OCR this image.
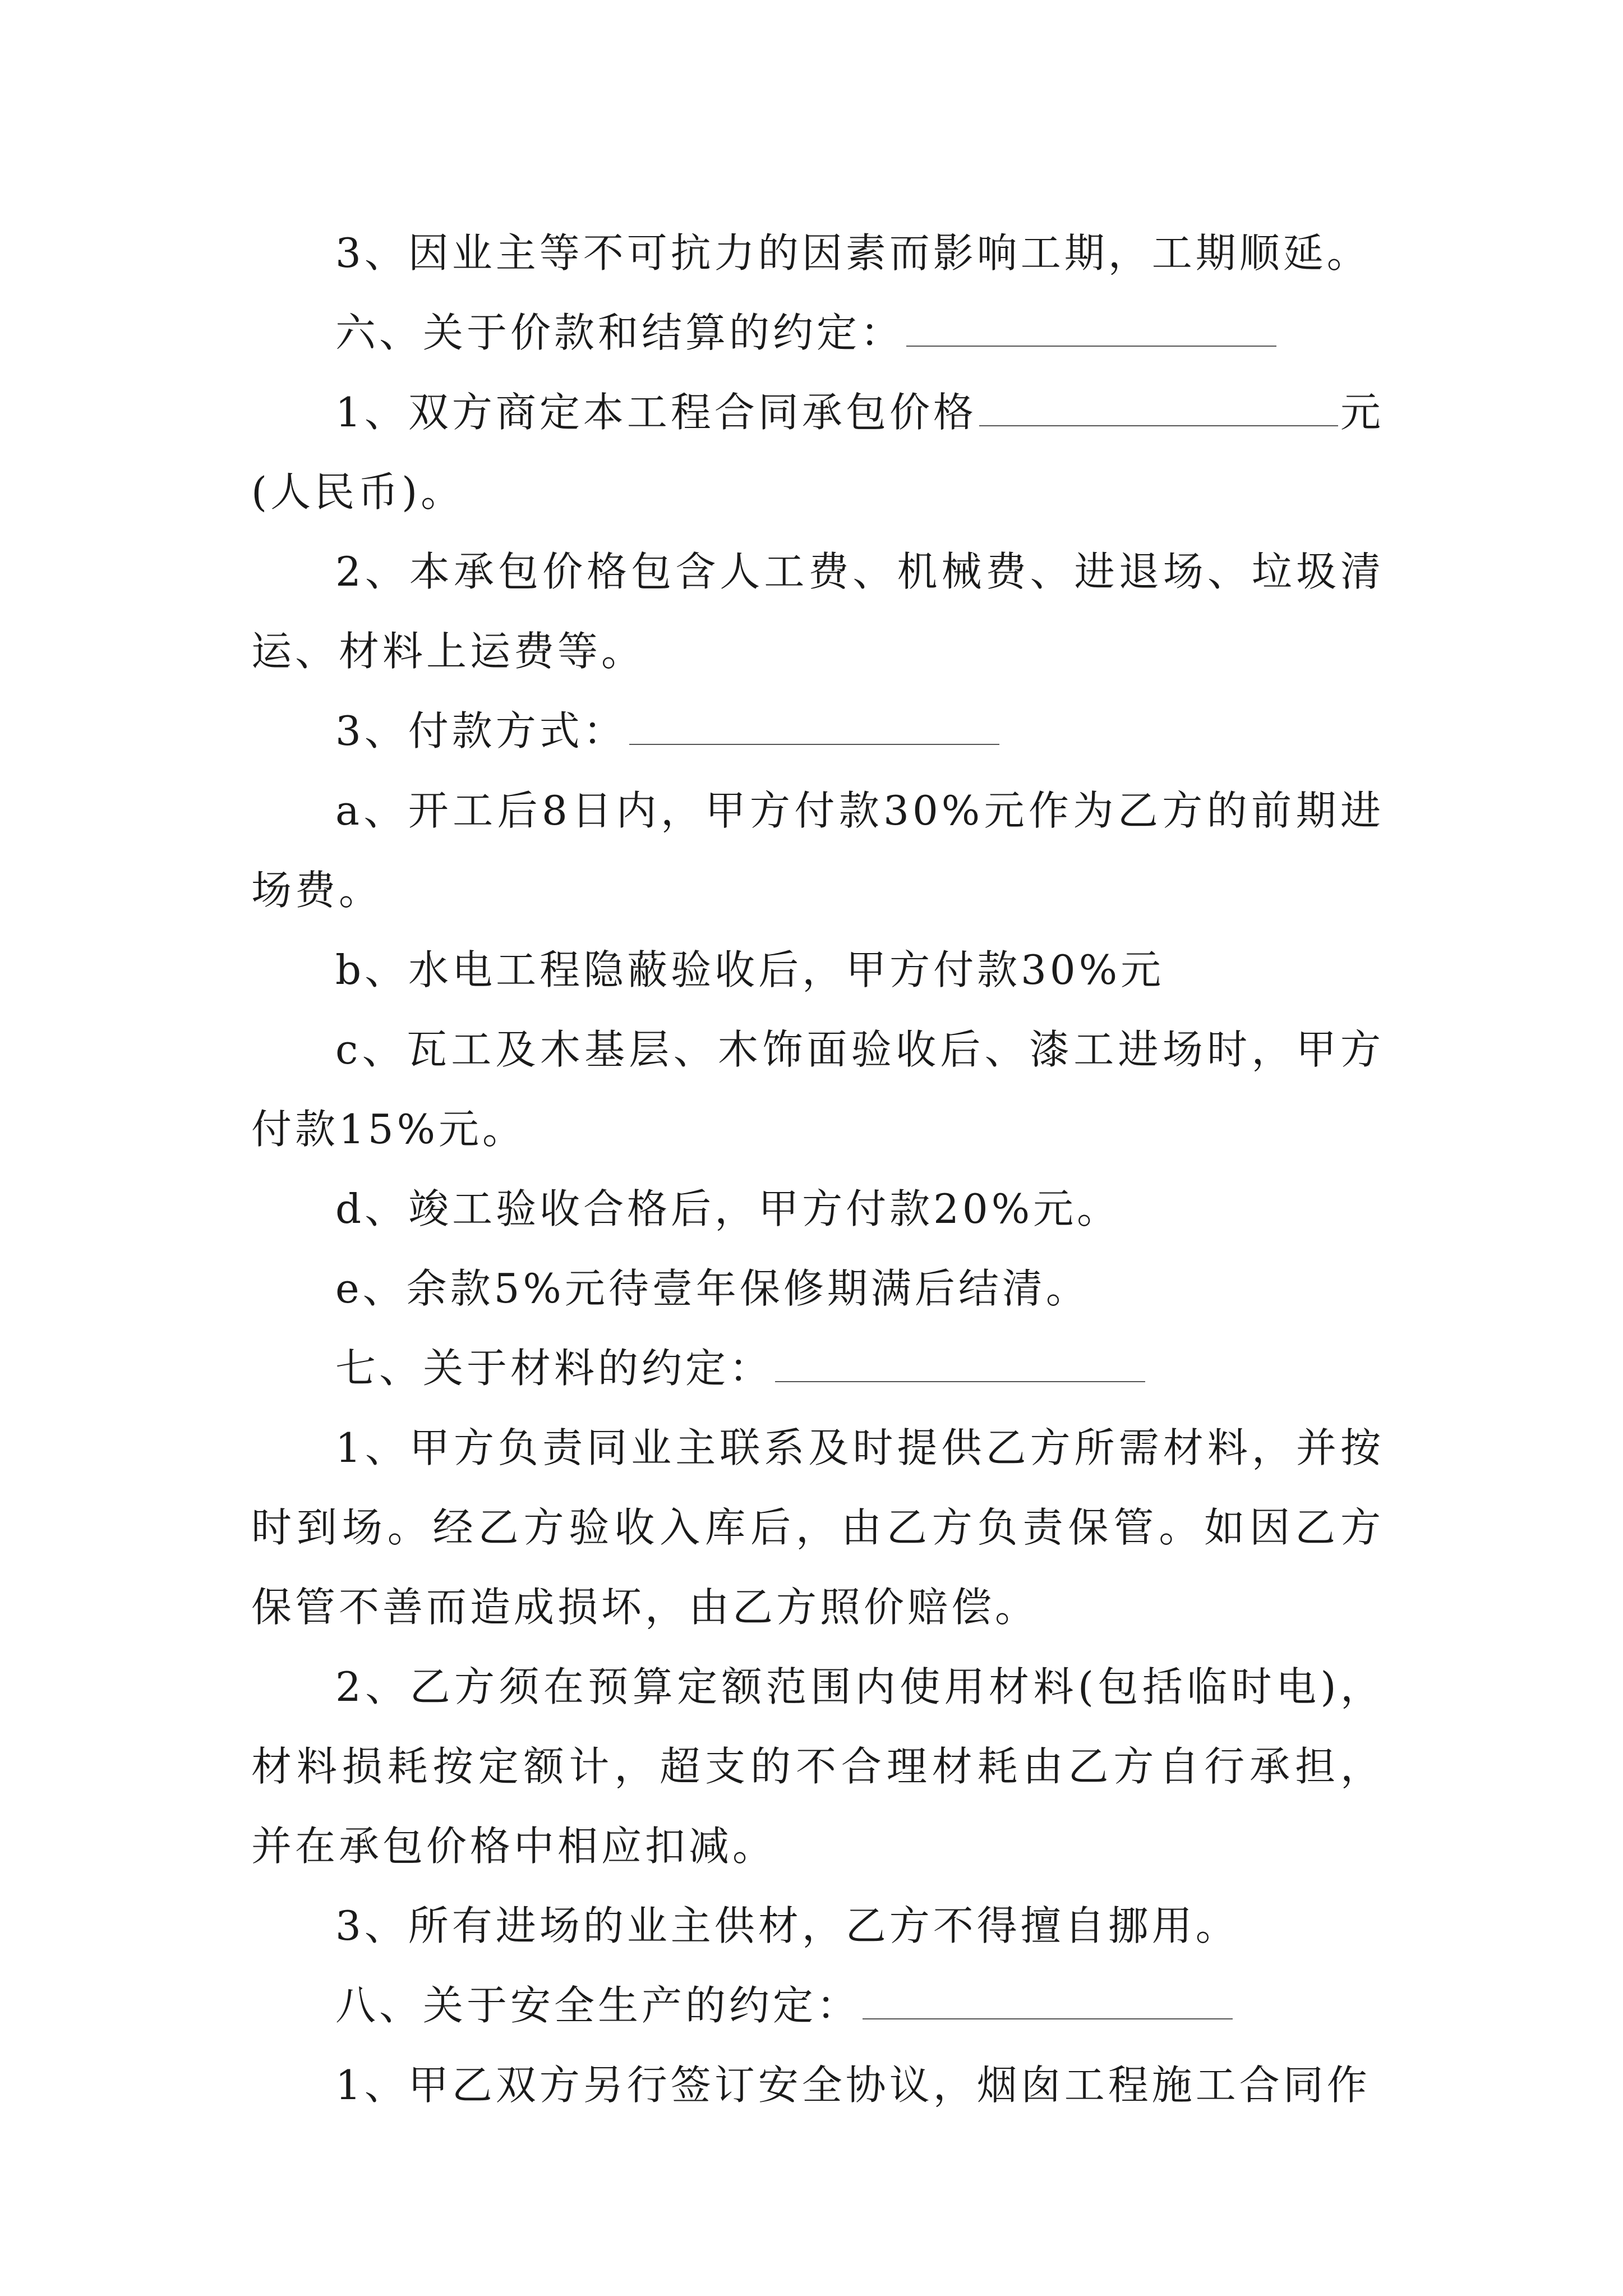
3、因业主等不可抗力的因素而影响工期，工期顺延。

六、关于价款和结算的约定：

1、双方商定本工程合同承包价格	元(人民币)。

2、本承包价格包含人工费、机械费、进退场、垃圾清运、材料上运费等。

3、付款方式：

a、开工后8日内，甲方付款30%元作为乙方的前期进场费。

b、水电工程隐蔽验收后，甲方付款30%元

c、瓦工及木基层、木饰面验收后、漆工进场时，甲方付款15%元。

d、竣工验收合格后，甲方付款20%元。

e、余款5%元待壹年保修期满后结清。

七、关于材料的约定：

1、甲方负责同业主联系及时提供乙方所需材料，并按时到场。经乙方验收入库后，由乙方负责保管。如因乙方保管不善而造成损坏，由乙方照价赔偿。

2、乙方须在预算定额范围内使用材料(包括临时电)，材料损耗按定额计，超支的不合理材耗由乙方自行承担，并在承包价格中相应扣减。

3、所有进场的业主供材，乙方不得擅自挪用。

八、关于安全生产的约定：

1、甲乙双方另行签订安全协议，烟囱工程施工合同作
